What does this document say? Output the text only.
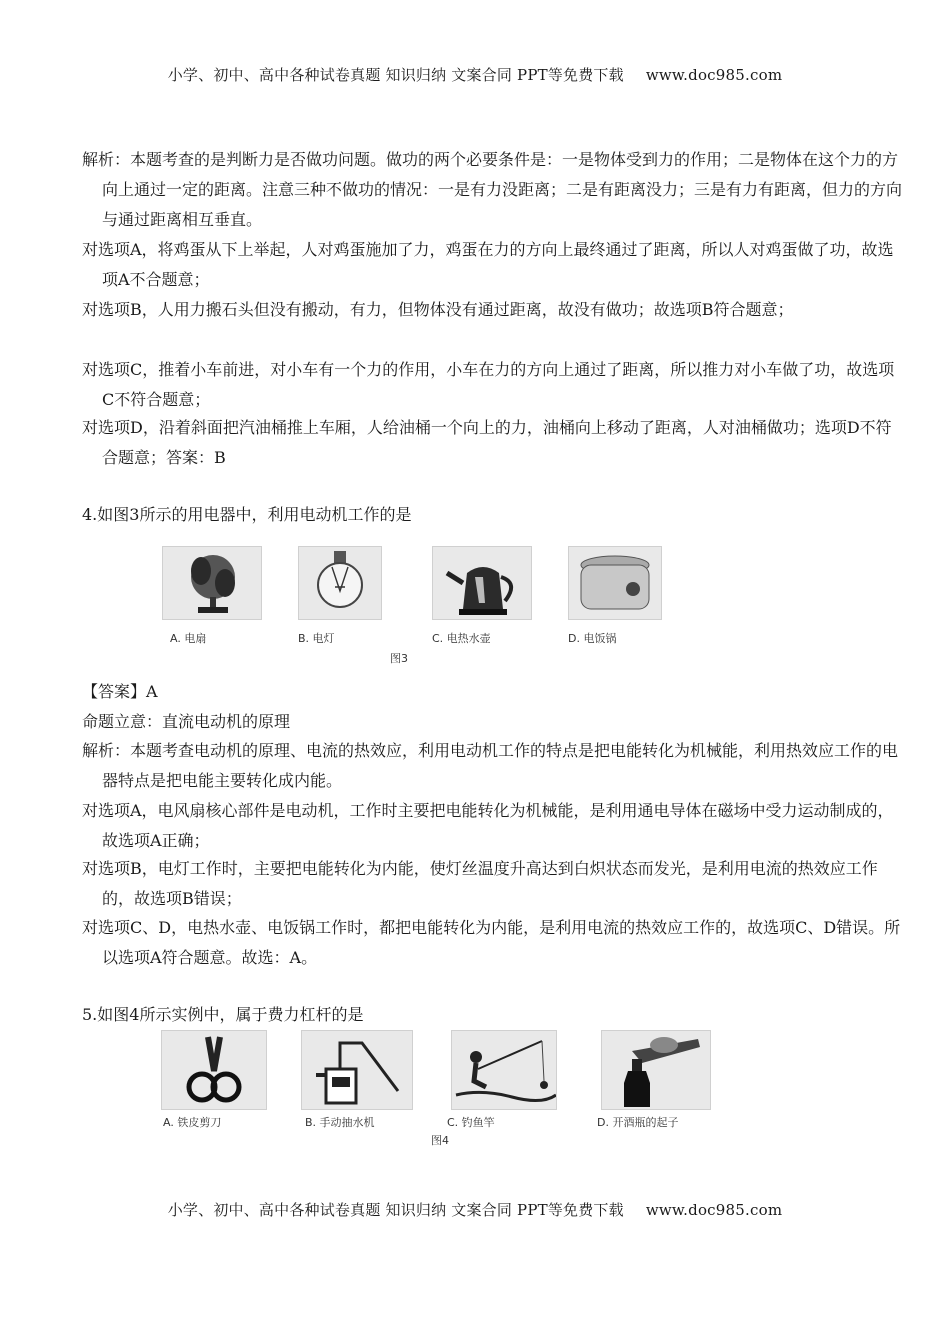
小学、初中、高中各种试卷真题 知识归纳 文案合同 PPT等免费下载 www.doc985.com
解析：本题考查的是判断力是否做功问题。做功的两个必要条件是：一是物体受到力的作用；二是物体在这个力的方向上通过一定的距离。注意三种不做功的情况：一是有力没距离；二是有距离没力；三是有力有距离，但力的方向与通过距离相互垂直。
对选项A，将鸡蛋从下上举起，人对鸡蛋施加了力，鸡蛋在力的方向上最终通过了距离，所以人对鸡蛋做了功，故选项A不合题意；
对选项B，人用力搬石头但没有搬动，有力，但物体没有通过距离，故没有做功；故选项B符合题意；
对选项C，推着小车前进，对小车有一个力的作用，小车在力的方向上通过了距离，所以推力对小车做了功，故选项C不符合题意；
对选项D，沿着斜面把汽油桶推上车厢，人给油桶一个向上的力，油桶向上移动了距离，人对油桶做功；选项D不符合题意；答案：B
4.如图3所示的用电器中，利用电动机工作的是
A. 电扇	B. 电灯	C. 电热水壶	D. 电饭锅
图3
【答案】A
命题立意：直流电动机的原理
解析：本题考查电动机的原理、电流的热效应，利用电动机工作的特点是把电能转化为机械能，利用热效应工作的电器特点是把电能主要转化成内能。
对选项A，电风扇核心部件是电动机，工作时主要把电能转化为机械能，是利用通电导体在磁场中受力运动制成的，故选项A正确；
对选项B，电灯工作时，主要把电能转化为内能，使灯丝温度升高达到白炽状态而发光，是利用电流的热效应工作的，故选项B错误；
对选项C、D，电热水壶、电饭锅工作时，都把电能转化为内能，是利用电流的热效应工作的，故选项C、D错误。所以选项A符合题意。故选：A。
5.如图4所示实例中，属于费力杠杆的是
A. 铁皮剪刀	B. 手动抽水机	C. 钓鱼竿	D. 开酒瓶的起子
图4
小学、初中、高中各种试卷真题 知识归纳 文案合同 PPT等免费下载 www.doc985.com
